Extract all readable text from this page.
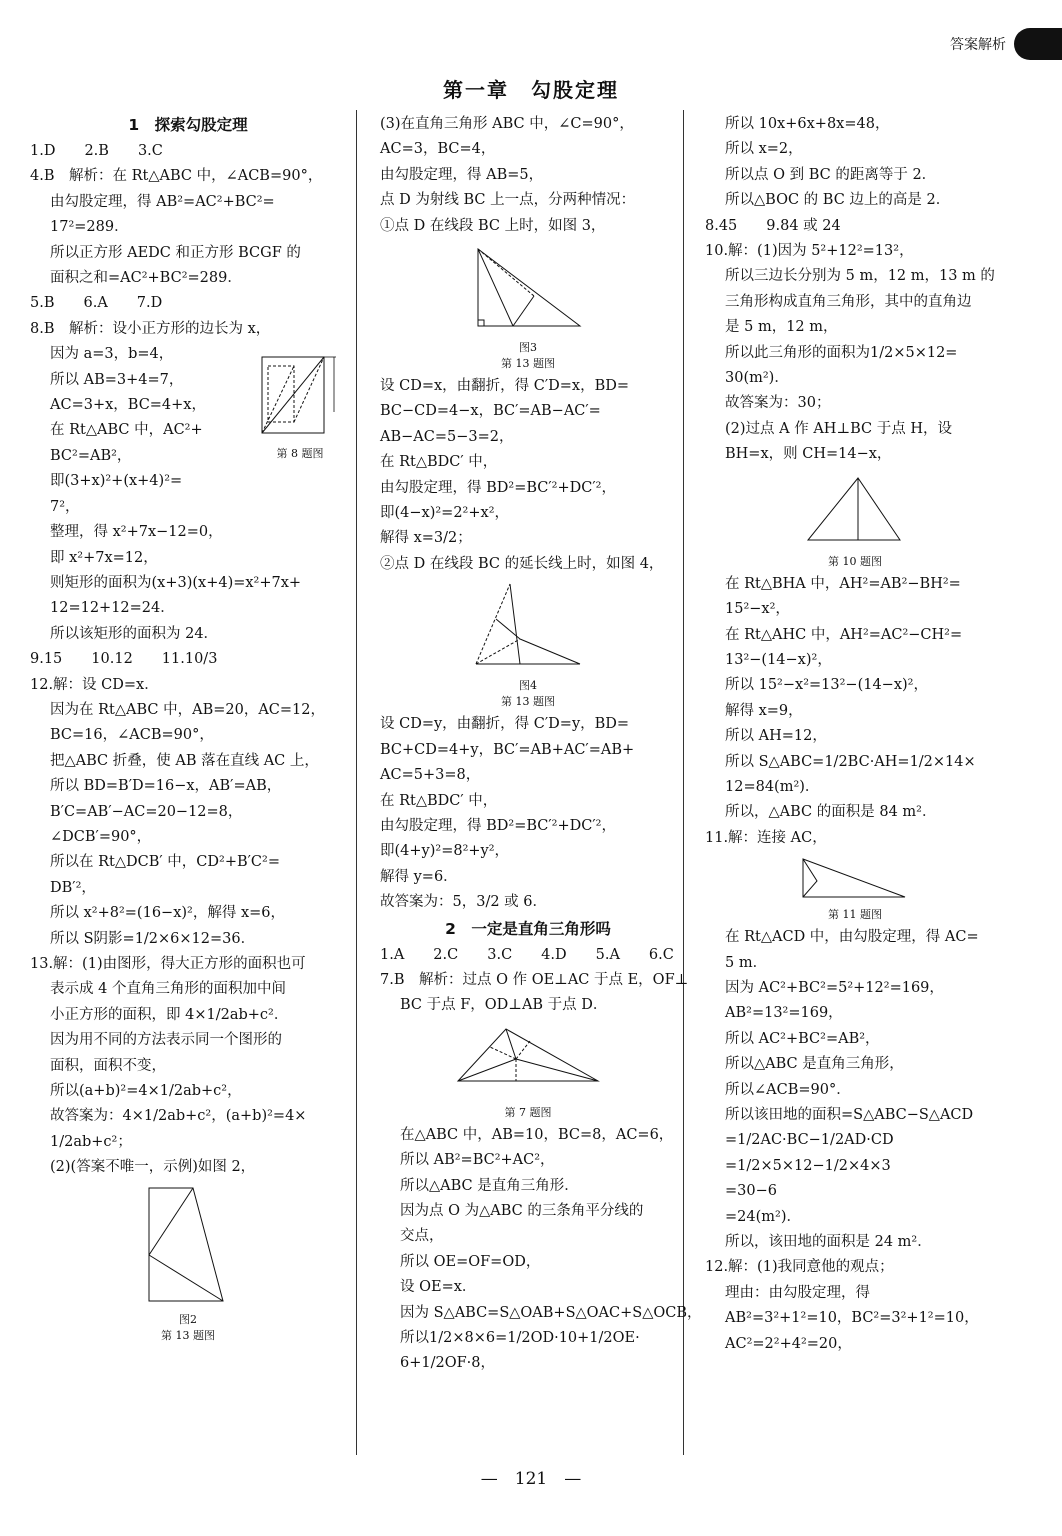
答案解析
第一章　勾股定理
1　探索勾股定理
1.D　　2.B　　3.C
4.B　解析：在 Rt△ABC 中，∠ACB=90°，
由勾股定理，得 AB²=AC²+BC²=
17²=289．
所以正方形 AEDC 和正方形 BCGF 的
面积之和=AC²+BC²=289．
5.B　　6.A　　7.D
8.B　解析：设小正方形的边长为 x，
因为 a=3，b=4，
所以 AB=3+4=7，
AC=3+x，BC=4+x，
在 Rt△ABC 中，AC²+
BC²=AB²，
即(3+x)²+(x+4)²=
7²，
整理，得 x²+7x−12=0，
即 x²+7x=12，
则矩形的面积为(x+3)(x+4)=x²+7x+
12=12+12=24．
所以该矩形的面积为 24．
9.15　　10.12　　11.10/3
12.解：设 CD=x．
因为在 Rt△ABC 中，AB=20，AC=12，
BC=16，∠ACB=90°，
把△ABC 折叠，使 AB 落在直线 AC 上，
所以 BD=B′D=16−x，AB′=AB，
B′C=AB′−AC=20−12=8，
∠DCB′=90°，
所以在 Rt△DCB′ 中，CD²+B′C²=
DB′²，
所以 x²+8²=(16−x)²，解得 x=6，
所以 S阴影=1/2×6×12=36．
13.解：(1)由图形，得大正方形的面积也可
表示成 4 个直角三角形的面积加中间
小正方形的面积，即 4×1/2ab+c²．
因为用不同的方法表示同一个图形的
面积，面积不变，
所以(a+b)²=4×1/2ab+c²，
故答案为：4×1/2ab+c²，(a+b)²=4×
1/2ab+c²；
(2)(答案不唯一，示例)如图 2，
图2
第 13 题图
(3)在直角三角形 ABC 中，∠C=90°，
AC=3，BC=4，
由勾股定理，得 AB=5，
点 D 为射线 BC 上一点，分两种情况：
①点 D 在线段 BC 上时，如图 3，
图3
第 13 题图
设 CD=x，由翻折，得 C′D=x，BD=
BC−CD=4−x，BC′=AB−AC′=
AB−AC=5−3=2，
在 Rt△BDC′ 中，
由勾股定理，得 BD²=BC′²+DC′²，
即(4−x)²=2²+x²，
解得 x=3/2；
②点 D 在线段 BC 的延长线上时，如图 4，
图4
第 13 题图
设 CD=y，由翻折，得 C′D=y，BD=
BC+CD=4+y，BC′=AB+AC′=AB+
AC=5+3=8，
在 Rt△BDC′ 中，
由勾股定理，得 BD²=BC′²+DC′²，
即(4+y)²=8²+y²，
解得 y=6．
故答案为：5，3/2 或 6．
2　一定是直角三角形吗
1.A　　2.C　　3.C　　4.D　　5.A　　6.C
7.B　解析：过点 O 作 OE⊥AC 于点 E，OF⊥
BC 于点 F，OD⊥AB 于点 D．
第 7 题图
在△ABC 中，AB=10，BC=8，AC=6，
所以 AB²=BC²+AC²，
所以△ABC 是直角三角形．
因为点 O 为△ABC 的三条角平分线的
交点，
所以 OE=OF=OD，
设 OE=x．
因为 S△ABC=S△OAB+S△OAC+S△OCB，
所以1/2×8×6=1/2OD·10+1/2OE·
6+1/2OF·8，
所以 10x+6x+8x=48，
所以 x=2，
所以点 O 到 BC 的距离等于 2．
所以△BOC 的 BC 边上的高是 2．
8.45　　9.84 或 24
10.解：(1)因为 5²+12²=13²，
所以三边长分别为 5 m，12 m，13 m 的
三角形构成直角三角形，其中的直角边
是 5 m，12 m，
所以此三角形的面积为1/2×5×12=
30(m²)．
故答案为：30；
(2)过点 A 作 AH⊥BC 于点 H，设
BH=x，则 CH=14−x，
第 10 题图
在 Rt△BHA 中，AH²=AB²−BH²=
15²−x²，
在 Rt△AHC 中，AH²=AC²−CH²=
13²−(14−x)²，
所以 15²−x²=13²−(14−x)²，
解得 x=9，
所以 AH=12，
所以 S△ABC=1/2BC·AH=1/2×14×
12=84(m²)．
所以，△ABC 的面积是 84 m²．
11.解：连接 AC，
第 11 题图
在 Rt△ACD 中，由勾股定理，得 AC=
5 m．
因为 AC²+BC²=5²+12²=169，
AB²=13²=169，
所以 AC²+BC²=AB²，
所以△ABC 是直角三角形，
所以∠ACB=90°．
所以该田地的面积=S△ABC−S△ACD
=1/2AC·BC−1/2AD·CD
=1/2×5×12−1/2×4×3
=30−6
=24(m²)．
所以，该田地的面积是 24 m²．
12.解：(1)我同意他的观点；
理由：由勾股定理，得
AB²=3²+1²=10，BC²=3²+1²=10，
AC²=2²+4²=20，
第 8 题图
—　121　—
